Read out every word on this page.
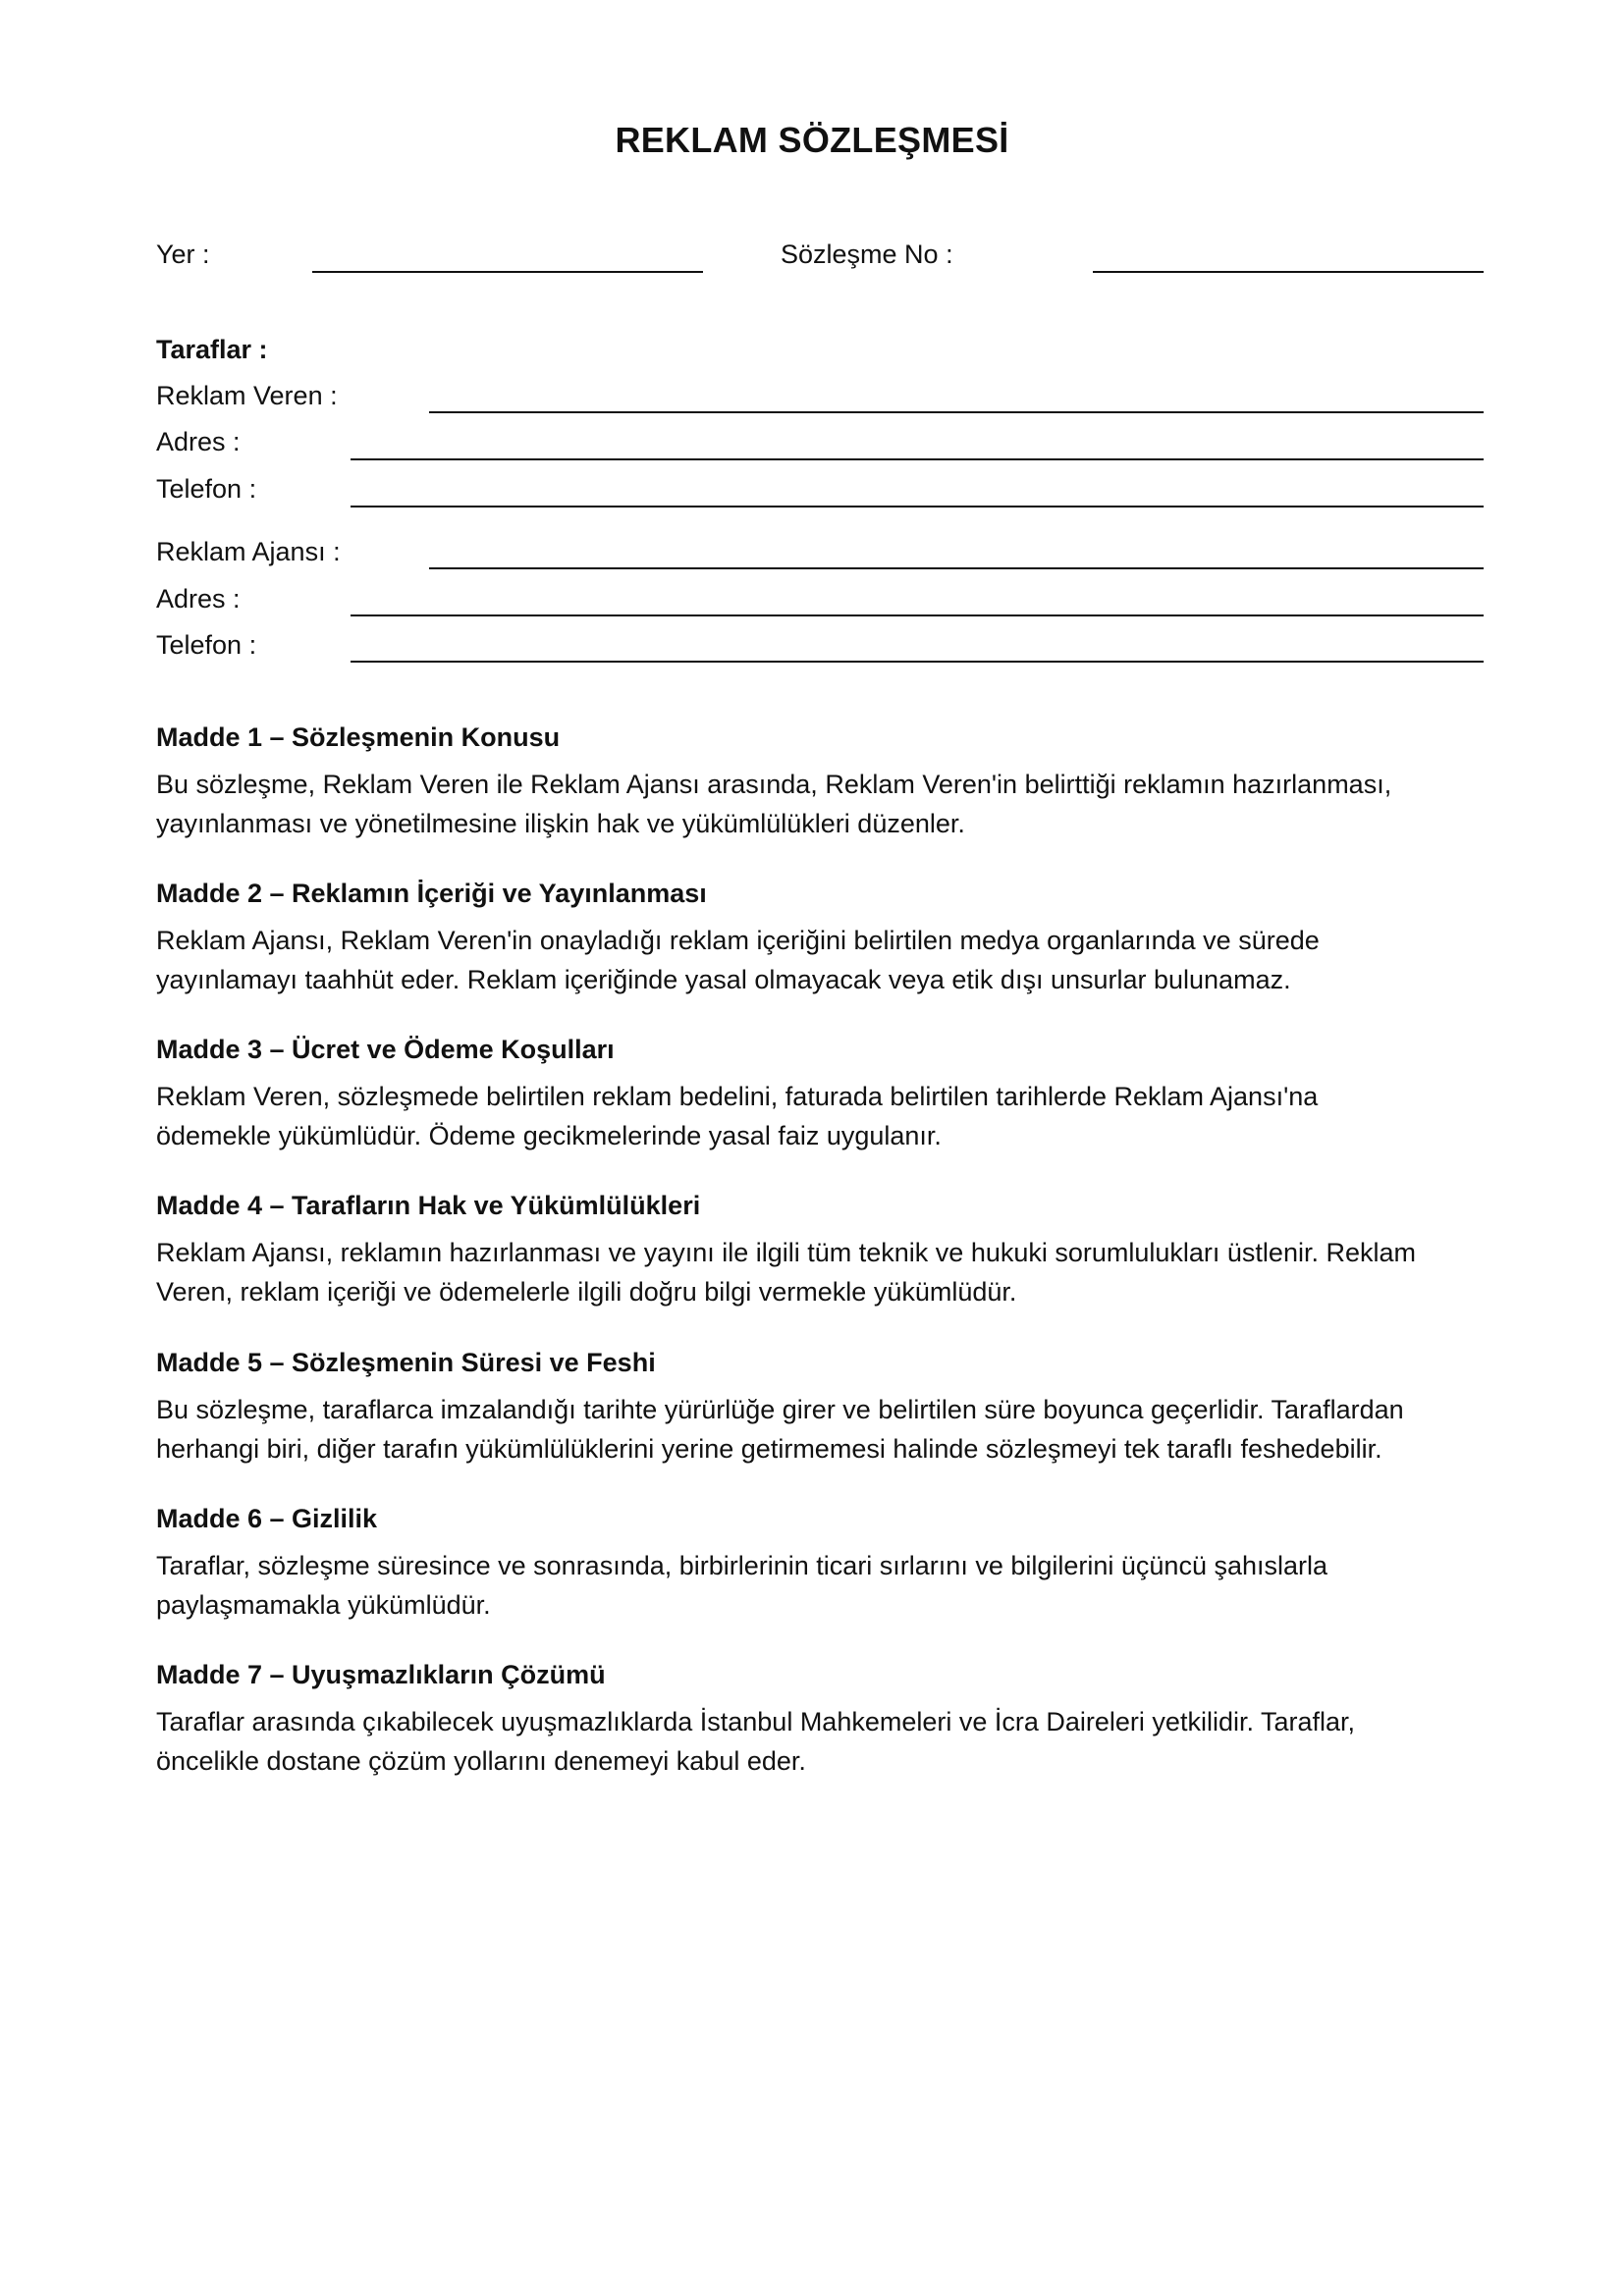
REKLAM SÖZLEŞMESİ
Yer :	Sözleşme No :
Taraflar :
Reklam Veren :
Adres :
Telefon :
Reklam Ajansı :
Adres :
Telefon :
Madde 1 – Sözleşmenin Konusu

Bu sözleşme, Reklam Veren ile Reklam Ajansı arasında, Reklam Veren'in belirttiği reklamın hazırlanması,
yayınlanması ve yönetilmesine ilişkin hak ve yükümlülükleri düzenler.

Madde 2 – Reklamın İçeriği ve Yayınlanması

Reklam Ajansı, Reklam Veren'in onayladığı reklam içeriğini belirtilen medya organlarında ve sürede
yayınlamayı taahhüt eder. Reklam içeriğinde yasal olmayacak veya etik dışı unsurlar bulunamaz.

Madde 3 – Ücret ve Ödeme Koşulları

Reklam Veren, sözleşmede belirtilen reklam bedelini, faturada belirtilen tarihlerde Reklam Ajansı'na
ödemekle yükümlüdür. Ödeme gecikmelerinde yasal faiz uygulanır.

Madde 4 – Tarafların Hak ve Yükümlülükleri

Reklam Ajansı, reklamın hazırlanması ve yayını ile ilgili tüm teknik ve hukuki sorumlulukları üstlenir. Reklam
Veren, reklam içeriği ve ödemelerle ilgili doğru bilgi vermekle yükümlüdür.

Madde 5 – Sözleşmenin Süresi ve Feshi

Bu sözleşme, taraflarca imzalandığı tarihte yürürlüğe girer ve belirtilen süre boyunca geçerlidir. Taraflardan
herhangi biri, diğer tarafın yükümlülüklerini yerine getirmemesi halinde sözleşmeyi tek taraflı feshedebilir.

Madde 6 – Gizlilik

Taraflar, sözleşme süresince ve sonrasında, birbirlerinin ticari sırlarını ve bilgilerini üçüncü şahıslarla
paylaşmamakla yükümlüdür.

Madde 7 – Uyuşmazlıkların Çözümü

Taraflar arasında çıkabilecek uyuşmazlıklarda İstanbul Mahkemeleri ve İcra Daireleri yetkilidir. Taraflar,
öncelikle dostane çözüm yollarını denemeyi kabul eder.
